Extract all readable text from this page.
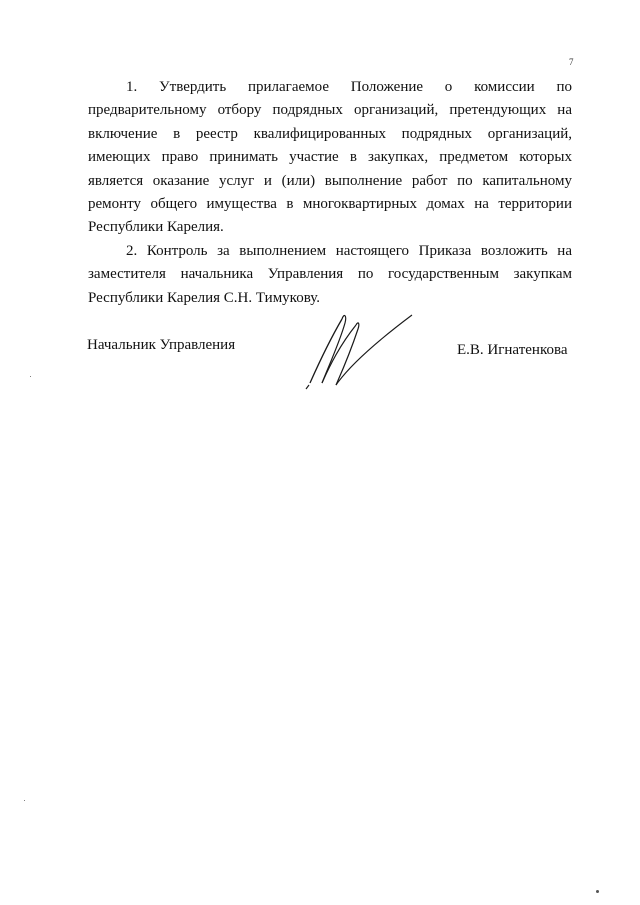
7

1. Утвердить прилагаемое Положение о комиссии по предварительному отбору подрядных организаций, претендующих на включение в реестр квалифицированных подрядных организаций, имеющих право принимать участие в закупках, предметом которых является оказание услуг и (или) выполнение работ по капитальному ремонту общего имущества в многоквартирных домах на территории Республики Карелия.

2. Контроль за выполнением настоящего Приказа возложить на заместителя начальника Управления по государственным закупкам Республики Карелия С.Н. Тимукову.

Начальник Управления	Е.В. Игнатенкова
